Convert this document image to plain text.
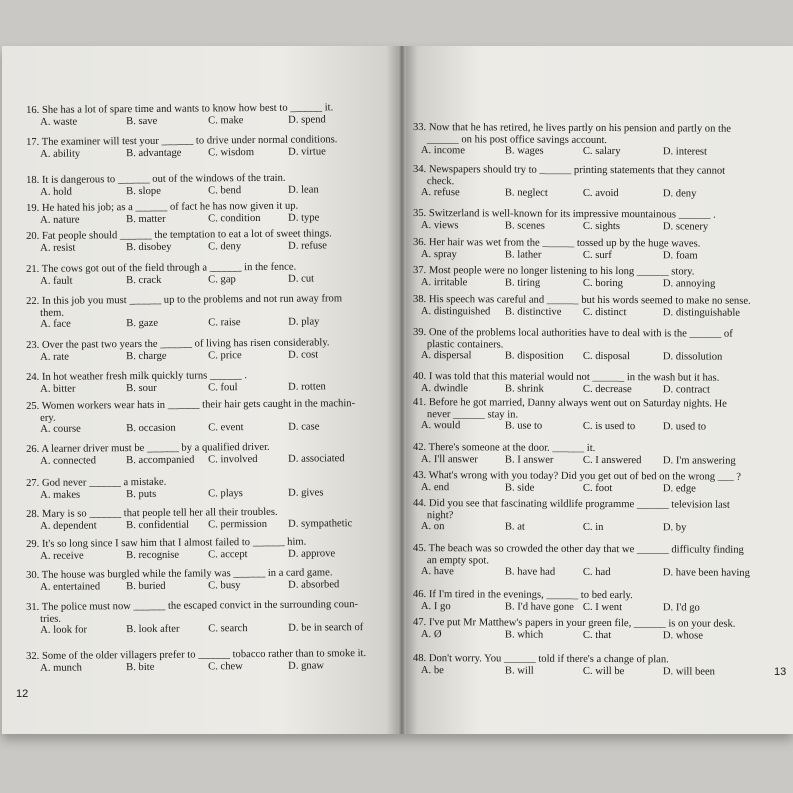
16. She has a lot of spare time and wants to know how best to ______ it.
A. waste	B. save	C. make	D. spend
17. The examiner will test your ______ to drive under normal conditions.
A. ability	B. advantage	C. wisdom	D. virtue
18. It is dangerous to ______ out of the windows of the train.
A. hold	B. slope	C. bend	D. lean
19. He hated his job; as a ______ of fact he has now given it up.
A. nature	B. matter	C. condition	D. type
20. Fat people should ______ the temptation to eat a lot of sweet things.
A. resist	B. disobey	C. deny	D. refuse
21. The cows got out of the field through a ______ in the fence.
A. fault	B. crack	C. gap	D. cut
22. In this job you must ______ up to the problems and not run away from
them.
A. face	B. gaze	C. raise	D. play
23. Over the past two years the ______ of living has risen considerably.
A. rate	B. charge	C. price	D. cost
24. In hot weather fresh milk quickly turns ______ .
A. bitter	B. sour	C. foul	D. rotten
25. Women workers wear hats in ______ their hair gets caught in the machin-
ery.
A. course	B. occasion	C. event	D. case
26. A learner driver must be ______ by a qualified driver.
A. connected	B. accompanied C. involved	D. associated
27. God never ______ a mistake.
A. makes	B. puts	C. plays	D. gives
28. Mary is so ______ that people tell her all their troubles.
A. dependent	B. confidential C. permission D. sympathetic
29. It's so long since I saw him that I almost failed to ______ him.
A. receive	B. recognise	C. accept	D. approve
30. The house was burgled while the family was ______ in a card game.
A. entertained B. buried	C. busy	D. absorbed
31. The police must now ______ the escaped convict in the surrounding coun-
tries.
A. look for	B. look after	C. search	D. be in search of
32. Some of the older villagers prefer to ______ tobacco rather than to smoke it.
A. munch	B. bite	C. chew	D. gnaw
33. Now that he has retired, he lives partly on his pension and partly on the
______ on his post office savings account.
A. income	B. wages	C. salary	D. interest
34. Newspapers should try to ______ printing statements that they cannot
check.
A. refuse	B. neglect	C. avoid	D. deny
35. Switzerland is well-known for its impressive mountainous ______ .
A. views	B. scenes	C. sights	D. scenery
36. Her hair was wet from the ______ tossed up by the huge waves.
A. spray	B. lather	C. surf	D. foam
37. Most people were no longer listening to his long ______ story.
A. irritable	B. tiring	C. boring	D. annoying
38. His speech was careful and ______ but his words seemed to make no sense.
A. distinguished B. distinctive C. distinct	D. distinguishable
39. One of the problems local authorities have to deal with is the ______ of
plastic containers.
A. dispersal	B. disposition C. disposal	D. dissolution
40. I was told that this material would not ______ in the wash but it has.
A. dwindle	B. shrink	C. decrease	D. contract
41. Before he got married, Danny always went out on Saturday nights. He
never ______ stay in.
A. would	B. use to	C. is used to	D. used to
42. There's someone at the door. ______ it.
A. I'll answer	B. I answer	C. I answered D. I'm answering
43. What's wrong with you today? Did you get out of bed on the wrong ___ ?
A. end	B. side	C. foot	D. edge
44. Did you see that fascinating wildlife programme ______ television last
night?
A. on	B. at	C. in	D. by
45. The beach was so crowded the other day that we ______ difficulty finding
an empty spot.
A. have	B. have had	C. had	D. have been having
46. If I'm tired in the evenings, ______ to bed early.
A. I go	B. I'd have gone C. I went	D. I'd go
47. I've put Mr Matthew's papers in your green file, ______ is on your desk.
A. Ø	B. which	C. that	D. whose
48. Don't worry. You ______ told if there's a change of plan.
A. be	B. will	C. will be	D. will been
12
13
